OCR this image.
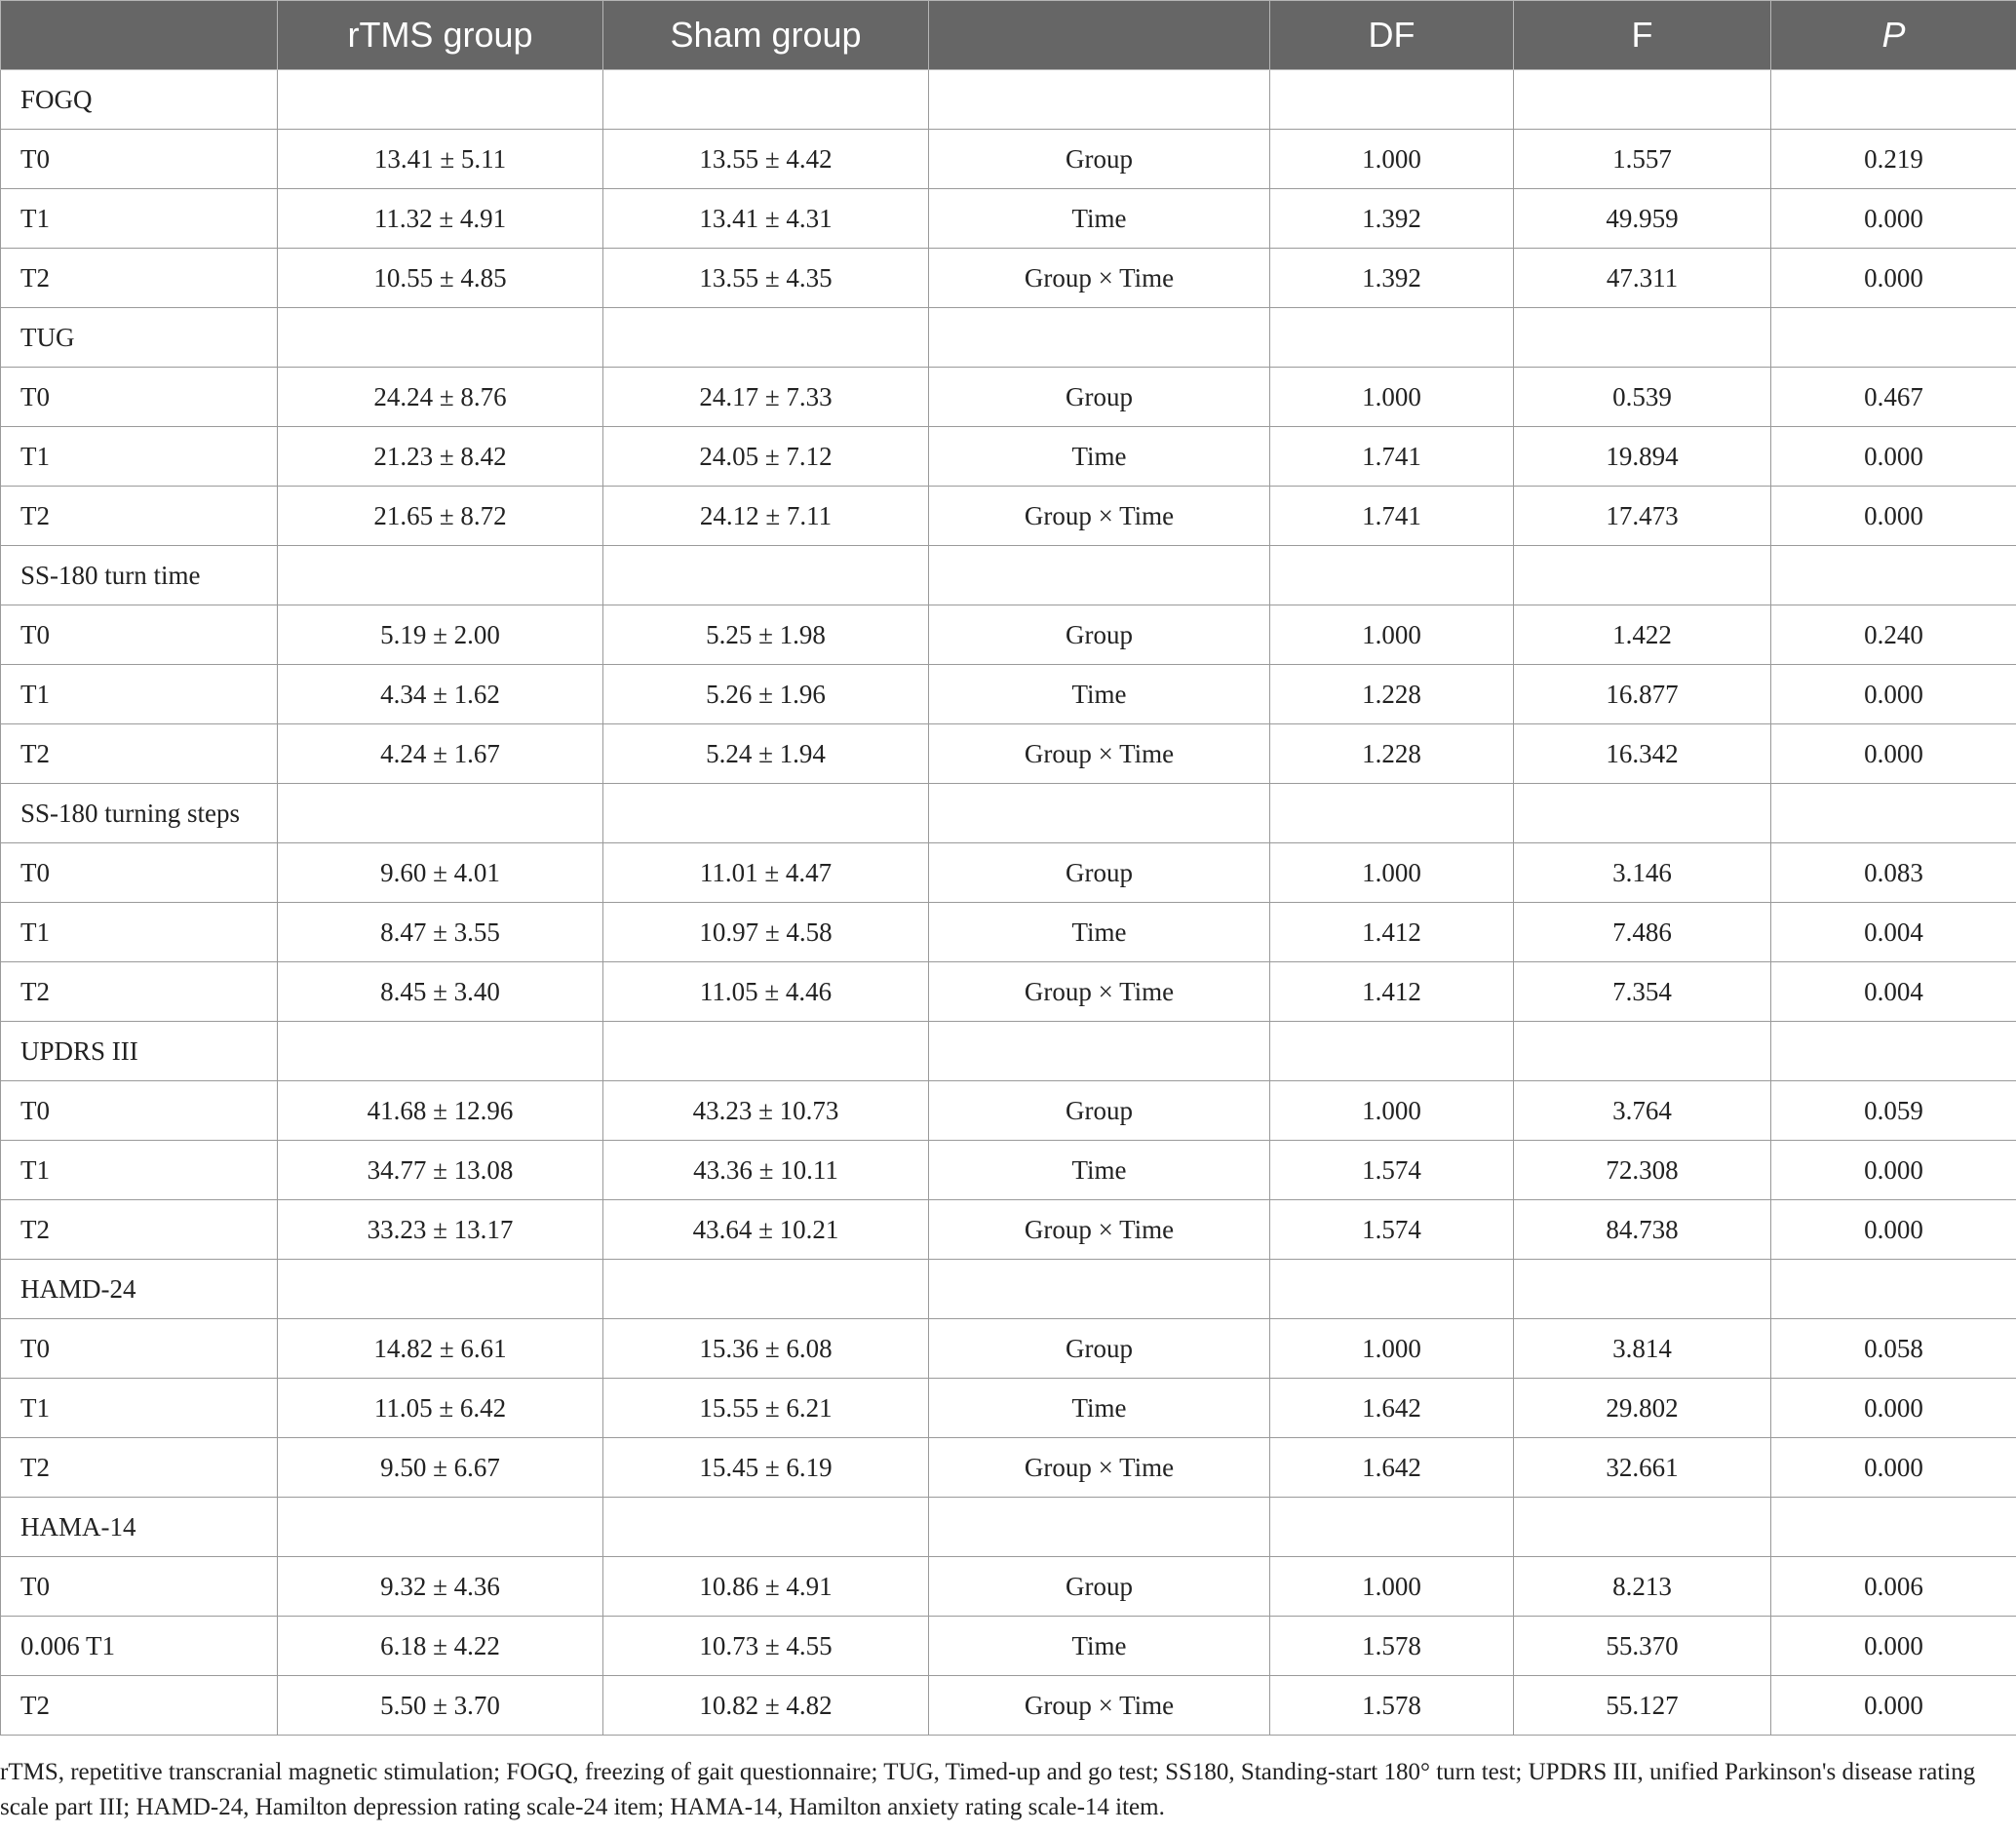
	rTMS group	Sham group		DF	F	P
FOGQ						
T0	13.41 ± 5.11	13.55 ± 4.42	Group	1.000	1.557	0.219
T1	11.32 ± 4.91	13.41 ± 4.31	Time	1.392	49.959	0.000
T2	10.55 ± 4.85	13.55 ± 4.35	Group × Time	1.392	47.311	0.000
TUG						
T0	24.24 ± 8.76	24.17 ± 7.33	Group	1.000	0.539	0.467
T1	21.23 ± 8.42	24.05 ± 7.12	Time	1.741	19.894	0.000
T2	21.65 ± 8.72	24.12 ± 7.11	Group × Time	1.741	17.473	0.000
SS-180 turn time						
T0	5.19 ± 2.00	5.25 ± 1.98	Group	1.000	1.422	0.240
T1	4.34 ± 1.62	5.26 ± 1.96	Time	1.228	16.877	0.000
T2	4.24 ± 1.67	5.24 ± 1.94	Group × Time	1.228	16.342	0.000
SS-180 turning steps						
T0	9.60 ± 4.01	11.01 ± 4.47	Group	1.000	3.146	0.083
T1	8.47 ± 3.55	10.97 ± 4.58	Time	1.412	7.486	0.004
T2	8.45 ± 3.40	11.05 ± 4.46	Group × Time	1.412	7.354	0.004
UPDRS III						
T0	41.68 ± 12.96	43.23 ± 10.73	Group	1.000	3.764	0.059
T1	34.77 ± 13.08	43.36 ± 10.11	Time	1.574	72.308	0.000
T2	33.23 ± 13.17	43.64 ± 10.21	Group × Time	1.574	84.738	0.000
HAMD-24						
T0	14.82 ± 6.61	15.36 ± 6.08	Group	1.000	3.814	0.058
T1	11.05 ± 6.42	15.55 ± 6.21	Time	1.642	29.802	0.000
T2	9.50 ± 6.67	15.45 ± 6.19	Group × Time	1.642	32.661	0.000
HAMA-14						
T0	9.32 ± 4.36	10.86 ± 4.91	Group	1.000	8.213	0.006
0.006 T1	6.18 ± 4.22	10.73 ± 4.55	Time	1.578	55.370	0.000
T2	5.50 ± 3.70	10.82 ± 4.82	Group × Time	1.578	55.127	0.000
rTMS, repetitive transcranial magnetic stimulation; FOGQ, freezing of gait questionnaire; TUG, Timed-up and go test; SS180, Standing-start 180° turn test; UPDRS III, unified Parkinson's disease rating scale part III; HAMD-24, Hamilton depression rating scale-24 item; HAMA-14, Hamilton anxiety rating scale-14 item.
